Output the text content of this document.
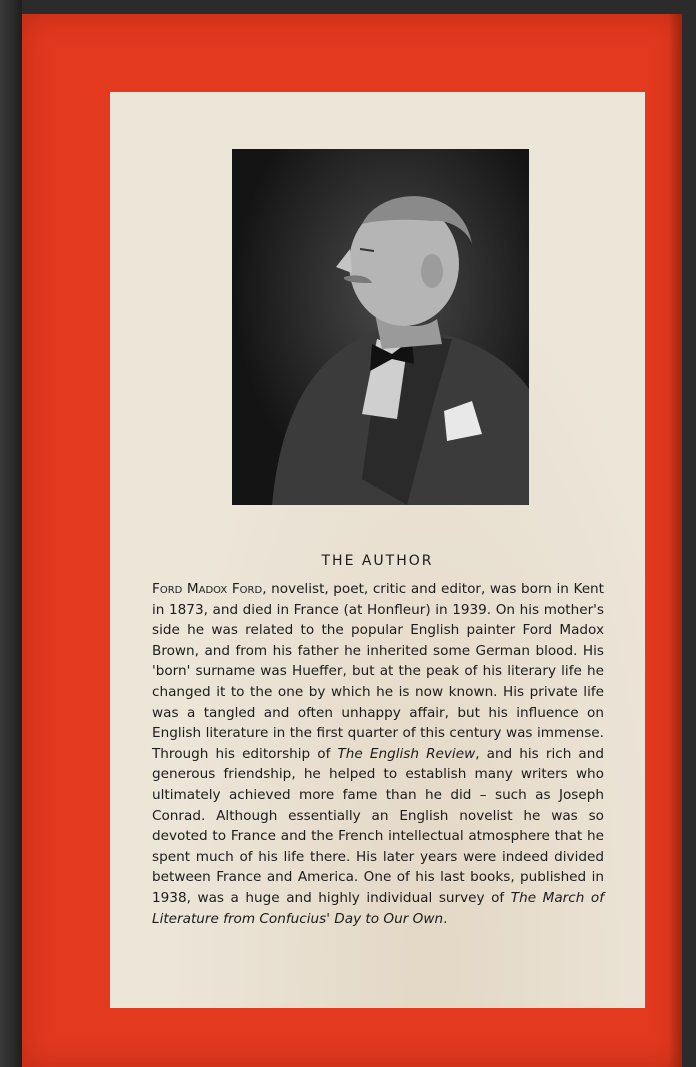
THE AUTHOR
Ford Madox Ford, novelist, poet, critic and editor, was born in Kent in 1873, and died in France (at Honfleur) in 1939. On his mother's side he was related to the popular English painter Ford Madox Brown, and from his father he inherited some German blood. His 'born' surname was Hueffer, but at the peak of his literary life he changed it to the one by which he is now known. His private life was a tangled and often unhappy affair, but his influence on English literature in the first quarter of this century was immense. Through his editorship of The English Review, and his rich and generous friendship, he helped to establish many writers who ultimately achieved more fame than he did – such as Joseph Conrad. Although essentially an English novelist he was so devoted to France and the French intellectual atmosphere that he spent much of his life there. His later years were indeed divided between France and America. One of his last books, published in 1938, was a huge and highly individual survey of The March of Literature from Confucius' Day to Our Own.
